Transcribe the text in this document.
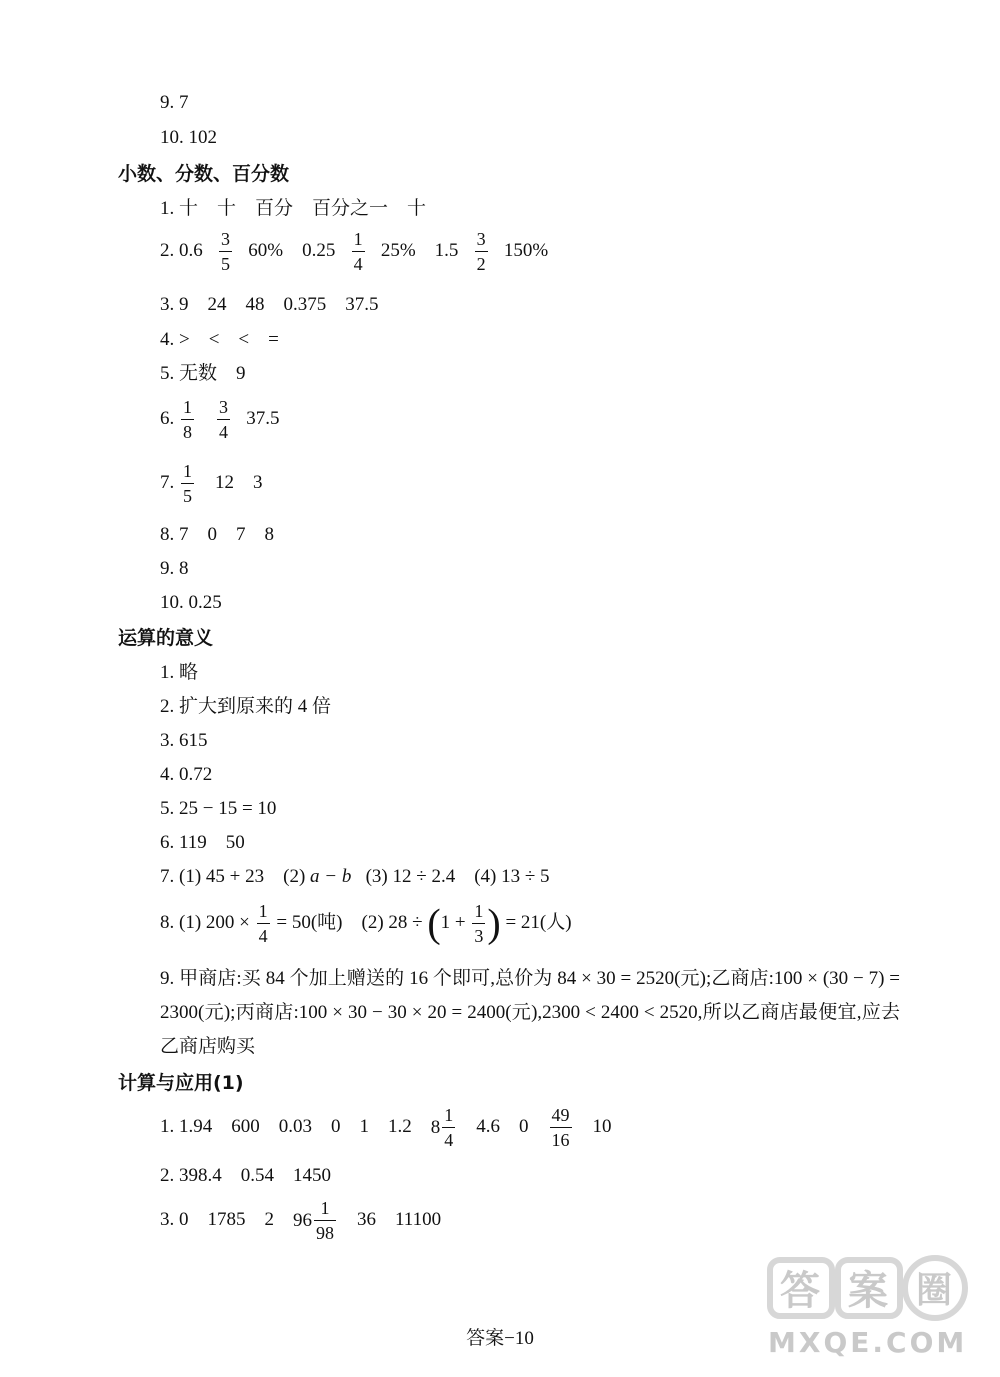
9. 7
10. 102
小数、分数、百分数
1. 十　十　百分　百分之一　十
2. $0.6 \frac{3}{5} 60\%$ $0.25 \frac{1}{4} 25\%$ $1.5 \frac{3}{2} 150\%$
3. 9　24　48　0.375　37.5
4. >　<　<　=
5. 无数　9
6. $\frac{1}{8}$
$\frac{3}{4} 37.5$
7. $\frac{1}{5} 12$　3
8. 7　0　7　8
9. 8
10. 0.25
运算的意义
1. 略
2. 扩大到原来的 4 倍
3. 615
4. 0.72
5. 25 − 15 = 10
6. 119　50
7. (1) 45 + 23　(2) a − b (3) 12 ÷ 2.4　(4) 13 ÷ 5
8. (1) $200 \times \frac{1}{4} = 50$(吨)　(2) $28 \div (1 + \frac{1}{3}$ ) = 21(人)
9. 甲商店:买 84 个加上赠送的 16 个即可,总价为 84 × 30 = 2520(元);乙商店:100 × (30 − 7) = 2300(元);丙商店:100 × 30 − 30 × 20 = 2400(元),2300 < 2400 < 2520,所以乙商店最便宜,应去乙商店购买
计算与应用(1)
1. 1.94　600　0.03　0　1　1.2 $8 \frac{1}{4} 4.6$　$0 \frac{49}{16} 10$
2. 398.4　0.54　1450
3. 0　1785　2 $96 \frac{1}{98} 36$　11100
答案−10
答 案 圈
MXQE.COM
